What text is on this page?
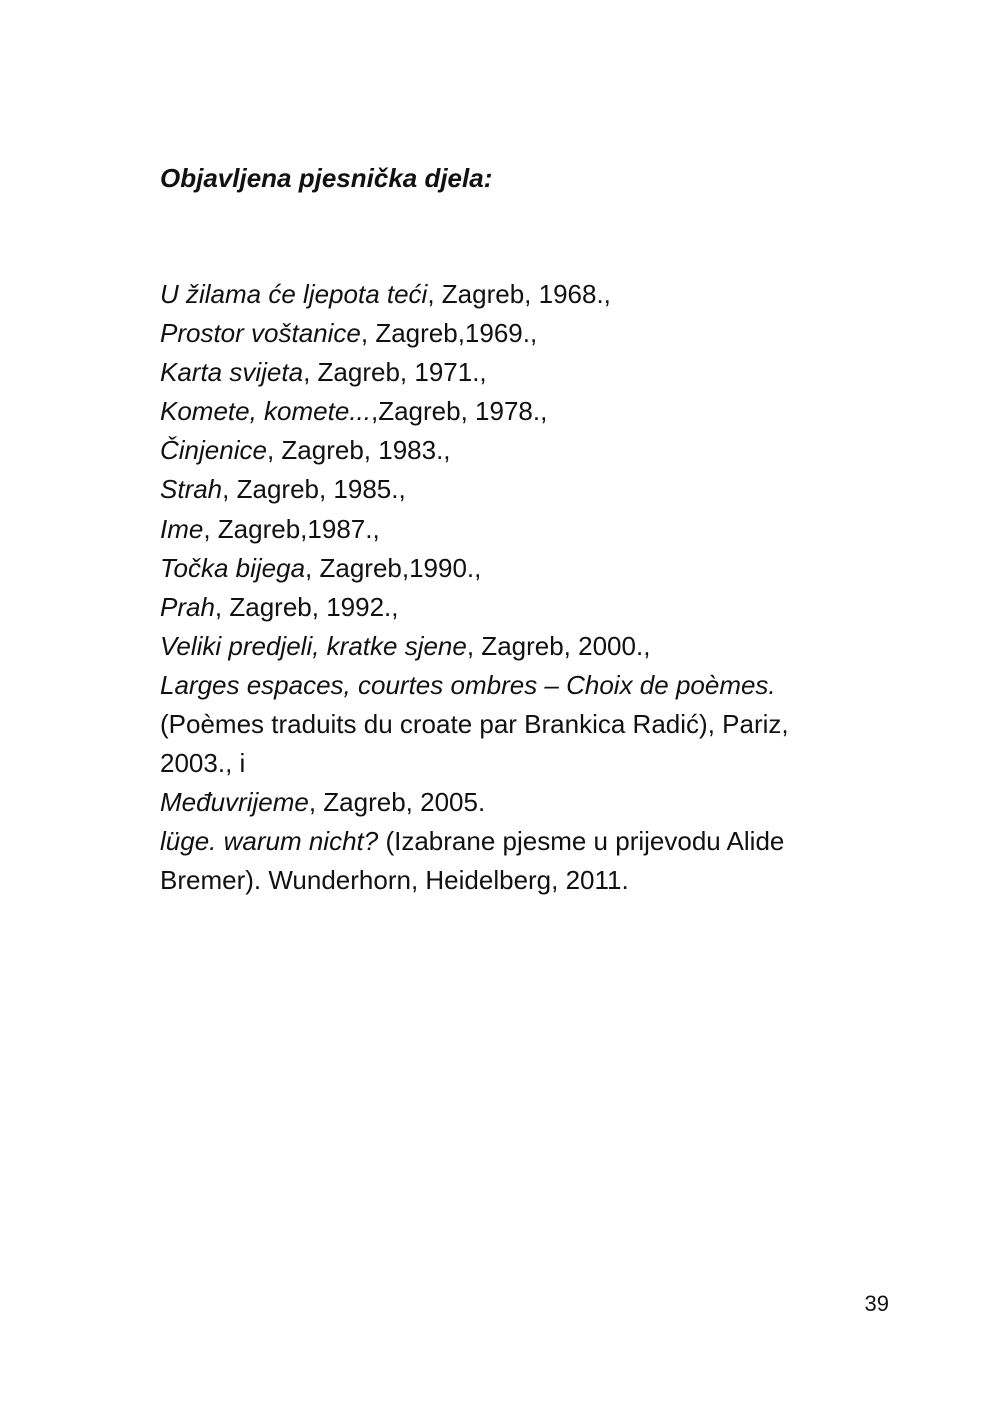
Objavljena pjesnička djela:
U žilama će ljepota teći, Zagreb, 1968.,
Prostor voštanice, Zagreb,1969.,
Karta svijeta, Zagreb, 1971.,
Komete, komete...,Zagreb, 1978.,
Činjenice, Zagreb, 1983.,
Strah, Zagreb, 1985.,
Ime, Zagreb,1987.,
Točka bijega, Zagreb,1990.,
Prah, Zagreb, 1992.,
Veliki predjeli, kratke sjene, Zagreb, 2000.,
Larges espaces, courtes ombres – Choix de poèmes. (Poèmes traduits du croate par Brankica Radić), Pariz, 2003., i
Međuvrijeme, Zagreb, 2005.
lüge. warum nicht? (Izabrane pjesme u prijevodu Alide Bremer). Wunderhorn, Heidelberg, 2011.
39
